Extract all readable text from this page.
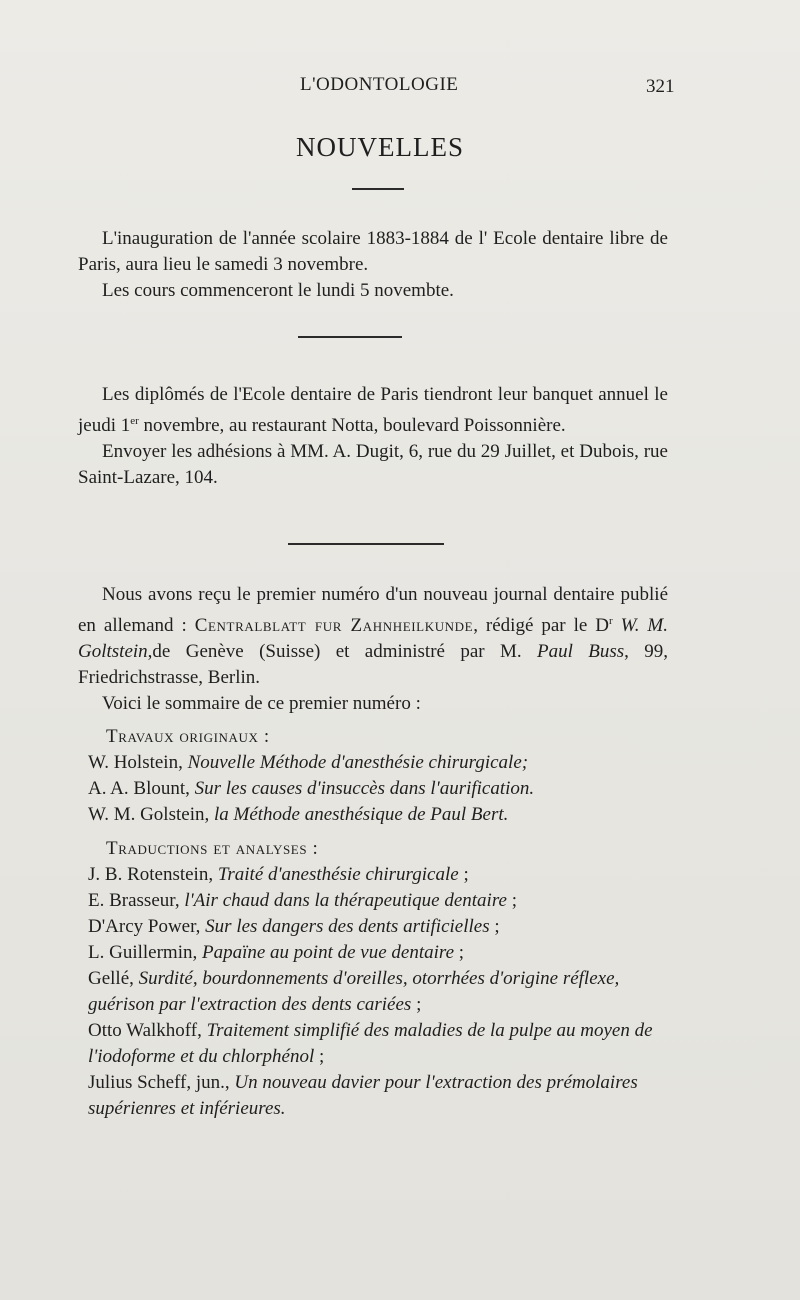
L'ODONTOLOGIE	321
NOUVELLES

L'inauguration de l'année scolaire 1883-1884 de l' Ecole dentaire libre de Paris, aura lieu le samedi 3 novembre.

Les cours commenceront le lundi 5 novembte.

Les diplômés de l'Ecole dentaire de Paris tiendront leur banquet annuel le jeudi 1er novembre, au restaurant Notta, boulevard Poissonnière.

Envoyer les adhésions à MM. A. Dugit, 6, rue du 29 Juillet, et Dubois, rue Saint-Lazare, 104.

Nous avons reçu le premier numéro d'un nouveau journal dentaire publié en allemand : Centralblatt fur Zahnheilkunde, rédigé par le $D^r$ W. M. Goltstein,de Genève (Suisse) et administré par M. Paul Buss, 99, Friedrichstrasse, Berlin.

Voici le sommaire de ce premier numéro :

Travaux originaux :
W. Holstein, Nouvelle Méthode d'anesthésie chirurgicale;
A. A. Blount, Sur les causes d'insuccès dans l'aurification.
W. M. Golstein, la Méthode anesthésique de Paul Bert.
Traductions et analyses :
J. B. Rotenstein, Traité d'anesthésie chirurgicale ;
E. Brasseur, l'Air chaud dans la thérapeutique dentaire ;
D'Arcy Power, Sur les dangers des dents artificielles ;
L. Guillermin, Papaïne au point de vue dentaire ;
Gellé, Surdité, bourdonnements d'oreilles, otorrhées d'origine réflexe, guérison par l'extraction des dents cariées ;
Otto Walkhoff, Traitement simplifié des maladies de la pulpe au moyen de l'iodoforme et du chlorphénol ;
Julius Scheff, jun., Un nouveau davier pour l'extraction des prémolaires supérienres et inférieures.
